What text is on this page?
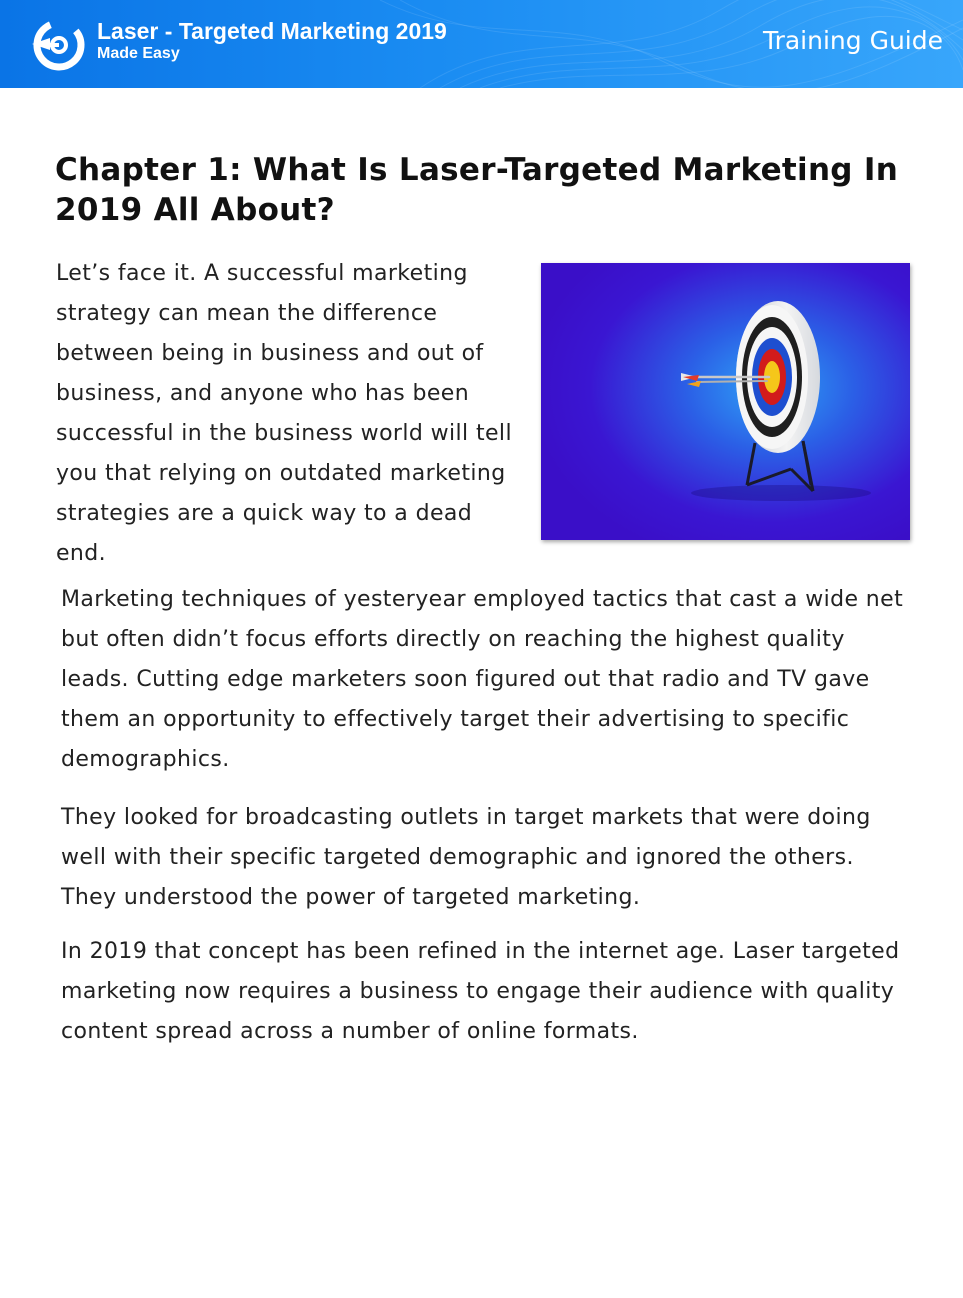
Laser - Targeted Marketing 2019
Made Easy	Training Guide
Chapter 1: What Is Laser-Targeted Marketing In 2019 All About?

Let’s face it. A successful marketing strategy can mean the difference between being in business and out of business, and anyone who has been successful in the business world will tell you that relying on outdated marketing strategies are a quick way to a dead end.

Marketing techniques of yesteryear employed tactics that cast a wide net but often didn’t focus efforts directly on reaching the highest quality leads. Cutting edge marketers soon figured out that radio and TV gave them an opportunity to effectively target their advertising to specific demographics.

They looked for broadcasting outlets in target markets that were doing well with their specific targeted demographic and ignored the others. They understood the power of targeted marketing.

In 2019 that concept has been refined in the internet age. Laser targeted marketing now requires a business to engage their audience with quality content spread across a number of online formats.
